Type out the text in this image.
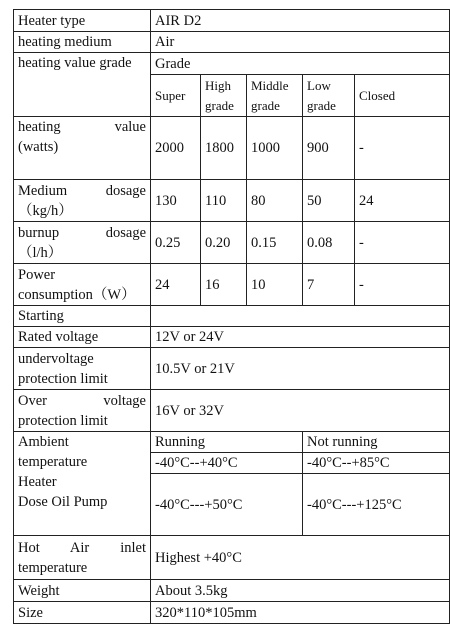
Heater type	AIR D2				
heating medium	Air				
heating value grade	Grade				
	Super	High grade	Middle grade	Low grade	Closed

heating value
(watts)	2000	1800	1000	900	-

Medium dosage
（kg/h）	130	110	80	50	24

burnup dosage
（l/h）	0.25	0.20	0.15	0.08	-

Power
consumption（W）	24	16	10	7	-
Starting					
Rated voltage	12V or 24V				

undervoltage
protection limit	10.5V or 21V				

Over voltage
protection limit	16V or 32V				

Ambient
temperature
Heater
Dose Oil Pump	Running			Not running	
	-40°C--+40°C			-40°C--+85°C	
	-40°C---+50°C			-40°C---+125°C	

Hot Air inlet
temperature	Highest +40°C				
Weight	About 3.5kg				
Size	320*110*105mm				
